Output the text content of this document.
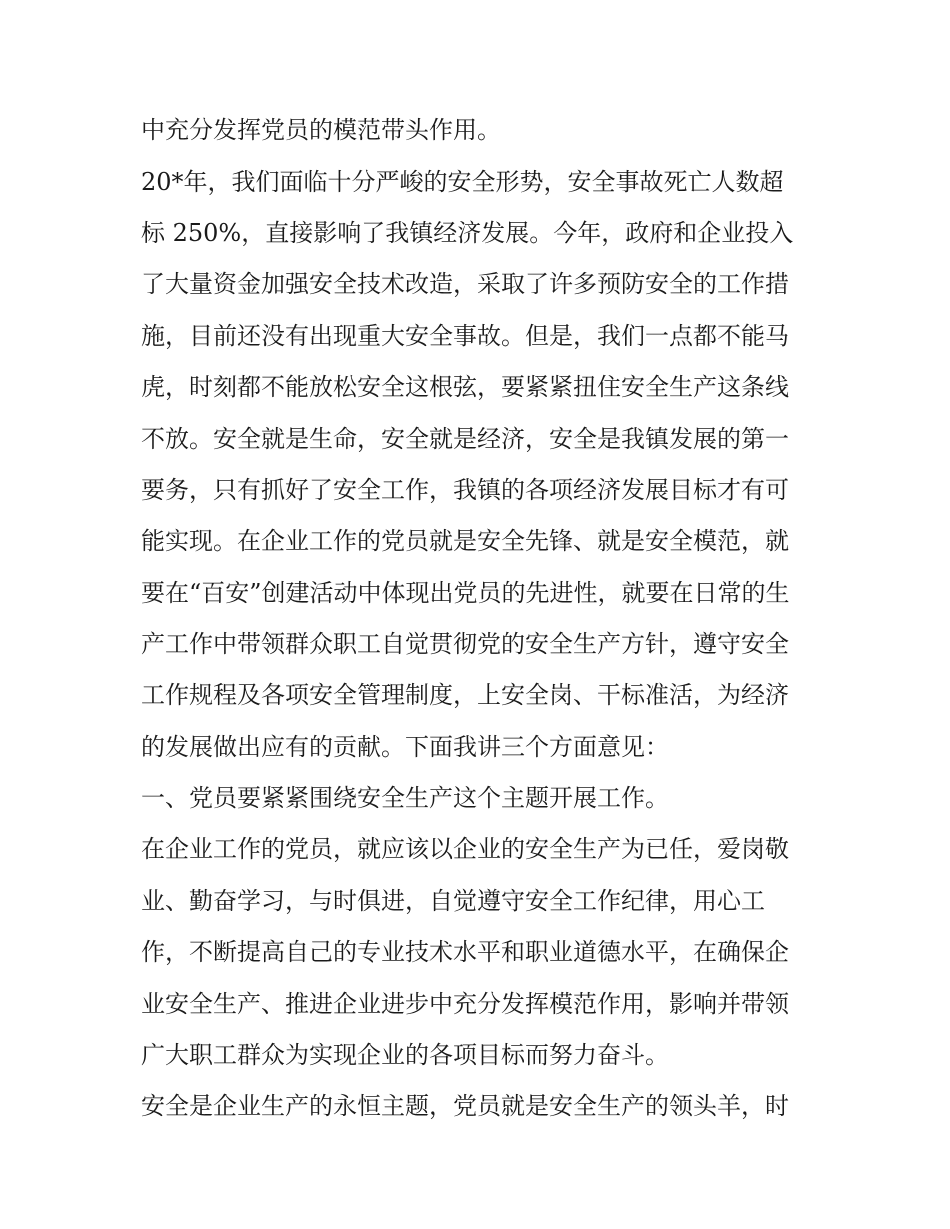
中充分发挥党员的模范带头作用。
20*年，我们面临十分严峻的安全形势，安全事故死亡人数超
标 250%，直接影响了我镇经济发展。今年，政府和企业投入
了大量资金加强安全技术改造，采取了许多预防安全的工作措
施，目前还没有出现重大安全事故。但是，我们一点都不能马
虎，时刻都不能放松安全这根弦，要紧紧扭住安全生产这条线
不放。安全就是生命，安全就是经济，安全是我镇发展的第一
要务，只有抓好了安全工作，我镇的各项经济发展目标才有可
能实现。在企业工作的党员就是安全先锋、就是安全模范，就
要在“百安”创建活动中体现出党员的先进性，就要在日常的生
产工作中带领群众职工自觉贯彻党的安全生产方针，遵守安全
工作规程及各项安全管理制度，上安全岗、干标准活，为经济
的发展做出应有的贡献。下面我讲三个方面意见：
一、党员要紧紧围绕安全生产这个主题开展工作。
在企业工作的党员，就应该以企业的安全生产为已任，爱岗敬
业、勤奋学习，与时俱进，自觉遵守安全工作纪律，用心工
作，不断提高自己的专业技术水平和职业道德水平，在确保企
业安全生产、推进企业进步中充分发挥模范作用，影响并带领
广大职工群众为实现企业的各项目标而努力奋斗。
安全是企业生产的永恒主题，党员就是安全生产的领头羊，时
